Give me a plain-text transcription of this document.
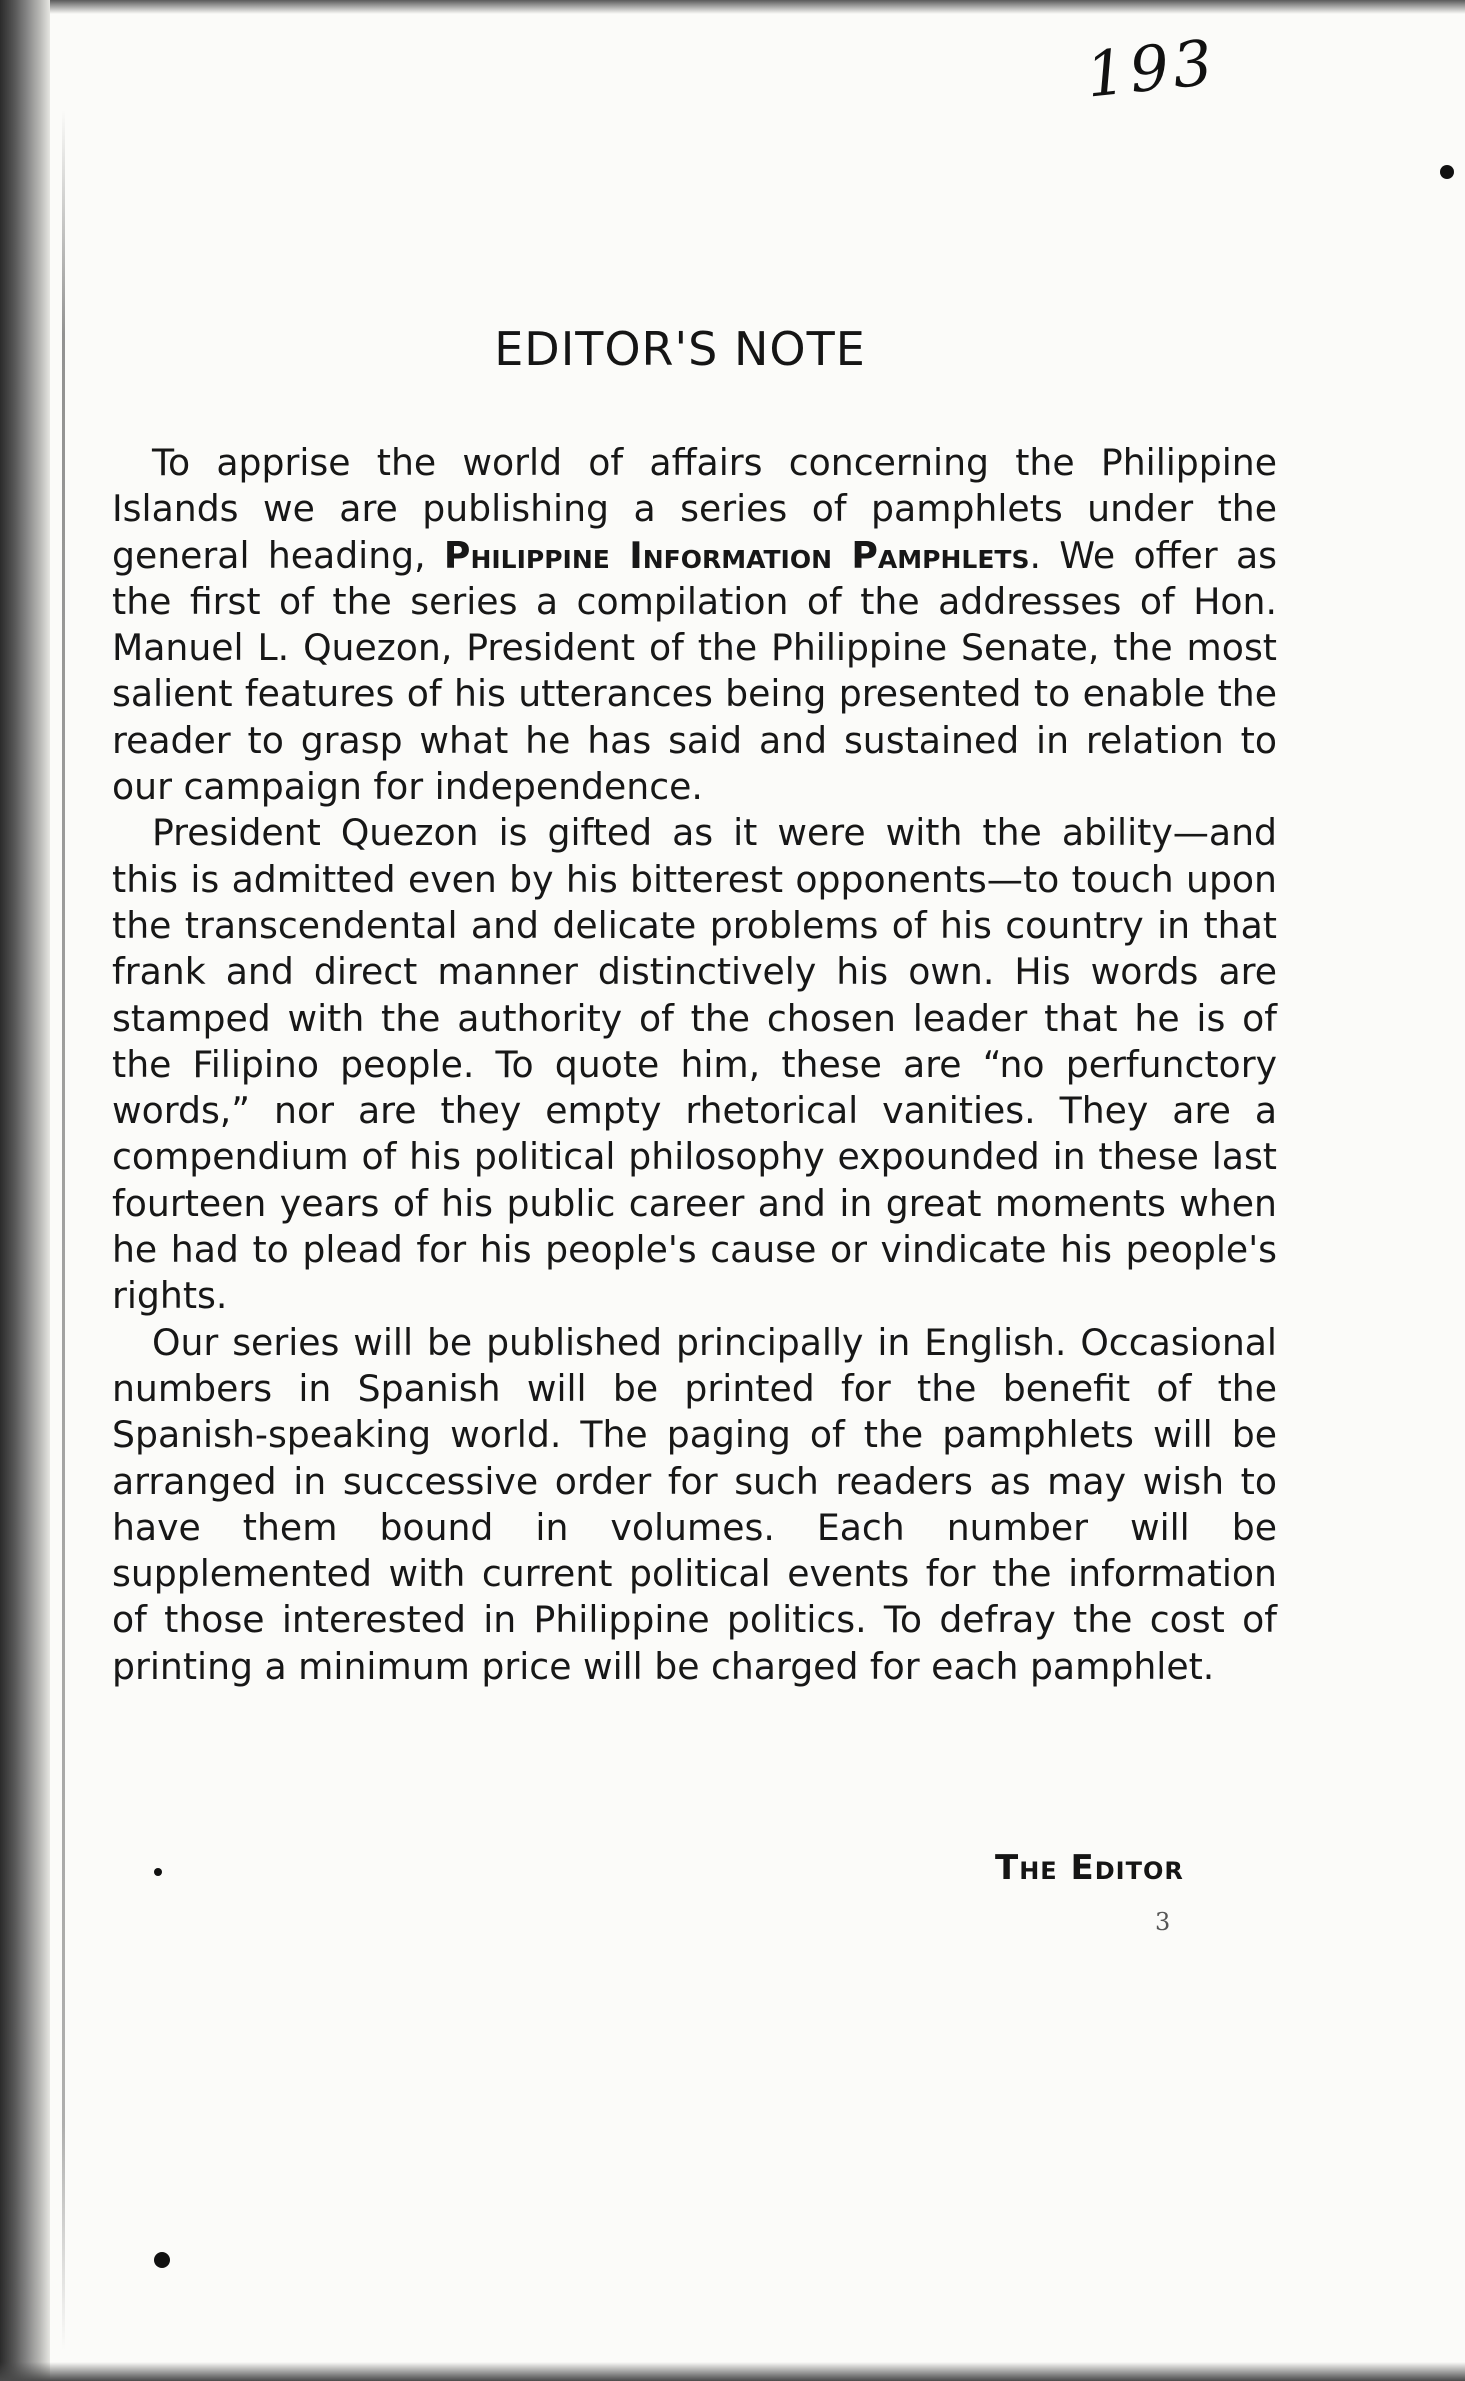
193
EDITOR'S NOTE

To apprise the world of affairs concerning the Philippine Islands we are publishing a series of pamphlets under the general heading, Philippine Information Pamphlets. We offer as the first of the series a compilation of the addresses of Hon. Manuel L. Quezon, President of the Philippine Senate, the most salient features of his utterances being presented to enable the reader to grasp what he has said and sustained in relation to our campaign for independence.

President Quezon is gifted as it were with the ability—and this is admitted even by his bitterest opponents—to touch upon the transcendental and delicate problems of his country in that frank and direct manner distinctively his own. His words are stamped with the authority of the chosen leader that he is of the Filipino people. To quote him, these are “no perfunctory words,” nor are they empty rhetorical vanities. They are a compendium of his political philosophy expounded in these last fourteen years of his public career and in great moments when he had to plead for his people's cause or vindicate his people's rights.

Our series will be published principally in English. Occasional numbers in Spanish will be printed for the benefit of the Spanish-speaking world. The paging of the pamphlets will be arranged in successive order for such readers as may wish to have them bound in volumes. Each number will be supplemented with current political events for the information of those interested in Philippine politics. To defray the cost of printing a minimum price will be charged for each pamphlet.

The Editor
3
